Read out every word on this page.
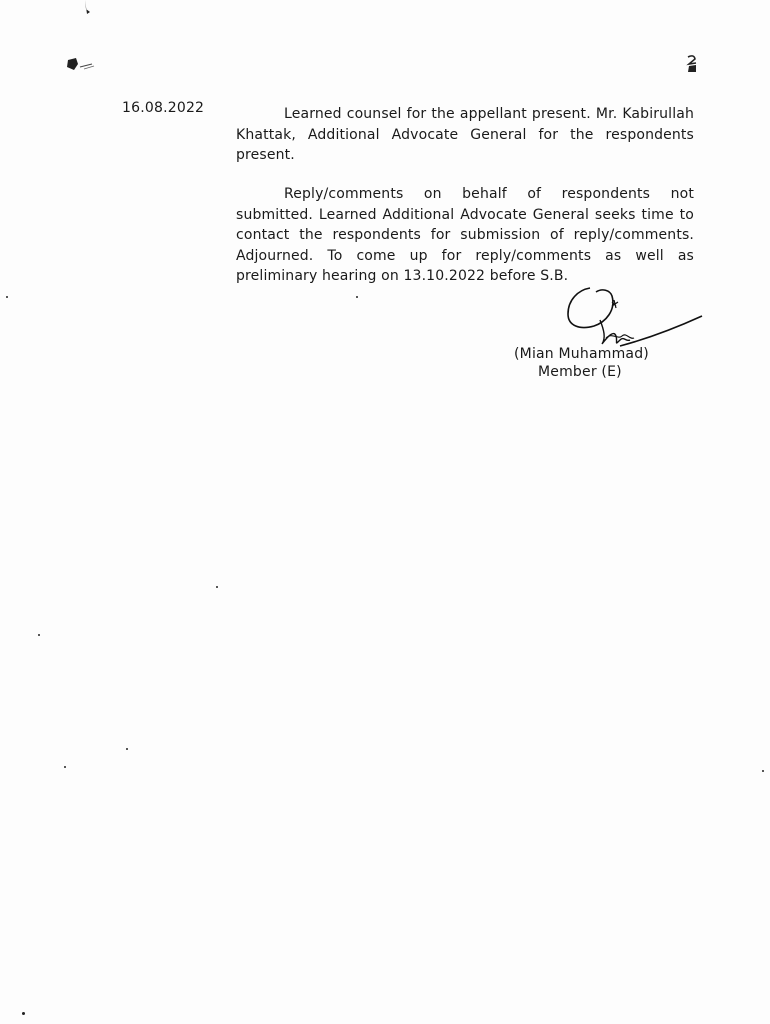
16.08.2022	Learned counsel for the appellant present. Mr. Kabirullah Khattak, Additional Advocate General for the respondents present.
Reply/comments on behalf of respondents not submitted. Learned Additional Advocate General seeks time to contact the respondents for submission of reply/comments. Adjourned. To come up for reply/comments as well as preliminary hearing on 13.10.2022 before S.B.
(Mian Muhammad)
Member (E)
